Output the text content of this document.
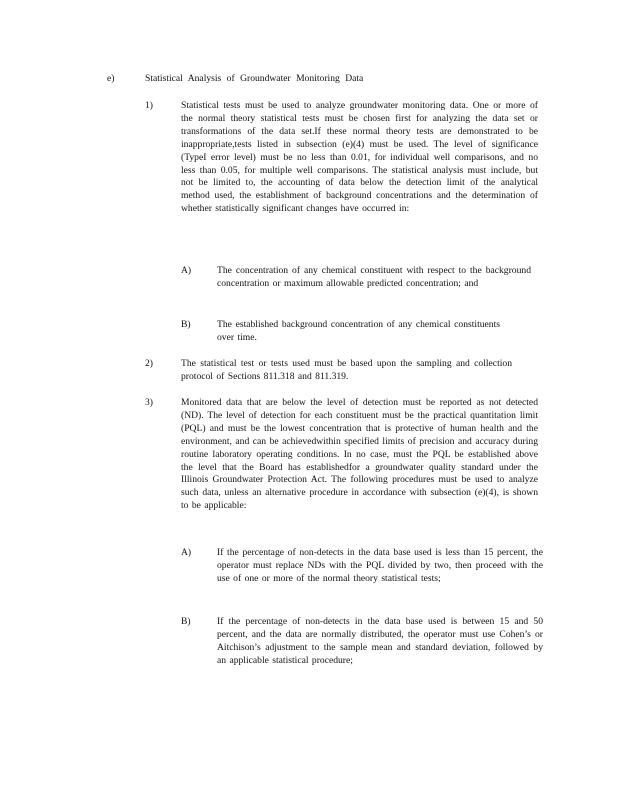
e)	Statistical Analysis of Groundwater Monitoring Data
1)	Statistical tests must be used to analyze groundwater monitoring data. One or more of the normal theory statistical tests must be chosen first for analyzing the data set or transformations of the data set.If these normal theory tests are demonstrated to be inappropriate,tests listed in subsection (e)(4) must be used. The level of significance (TypeI error level) must be no less than 0.01, for individual well comparisons, and no less than 0.05, for multiple well comparisons. The statistical analysis must include, but not be limited to, the accounting of data below the detection limit of the analytical method used, the establishment of background concentrations and the determination of whether statistically significant changes have occurred in:
A)	The concentration of any chemical constituent with respect to the background concentration or maximum allowable predicted concentration; and
B)	The established background concentration of any chemical constituents over time.
2)	The statistical test or tests used must be based upon the sampling and collection protocol of Sections 811.318 and 811.319.
3)	Monitored data that are below the level of detection must be reported as not detected (ND). The level of detection for each constituent must be the practical quantitation limit (PQL) and must be the lowest concentration that is protective of human health and the environment, and can be achievedwithin specified limits of precision and accuracy during routine laboratory operating conditions. In no case, must the PQL be established above the level that the Board has establishedfor a groundwater quality standard under the Illinois Groundwater Protection Act. The following procedures must be used to analyze such data, unless an alternative procedure in accordance with subsection (e)(4), is shown to be applicable:
A)	If the percentage of non-detects in the data base used is less than 15 percent, the operator must replace NDs with the PQL divided by two, then proceed with the use of one or more of the normal theory statistical tests;
B)	If the percentage of non-detects in the data base used is between 15 and 50 percent, and the data are normally distributed, the operator must use Cohen’s or Aitchison’s adjustment to the sample mean and standard deviation, followed by an applicable statistical procedure;
